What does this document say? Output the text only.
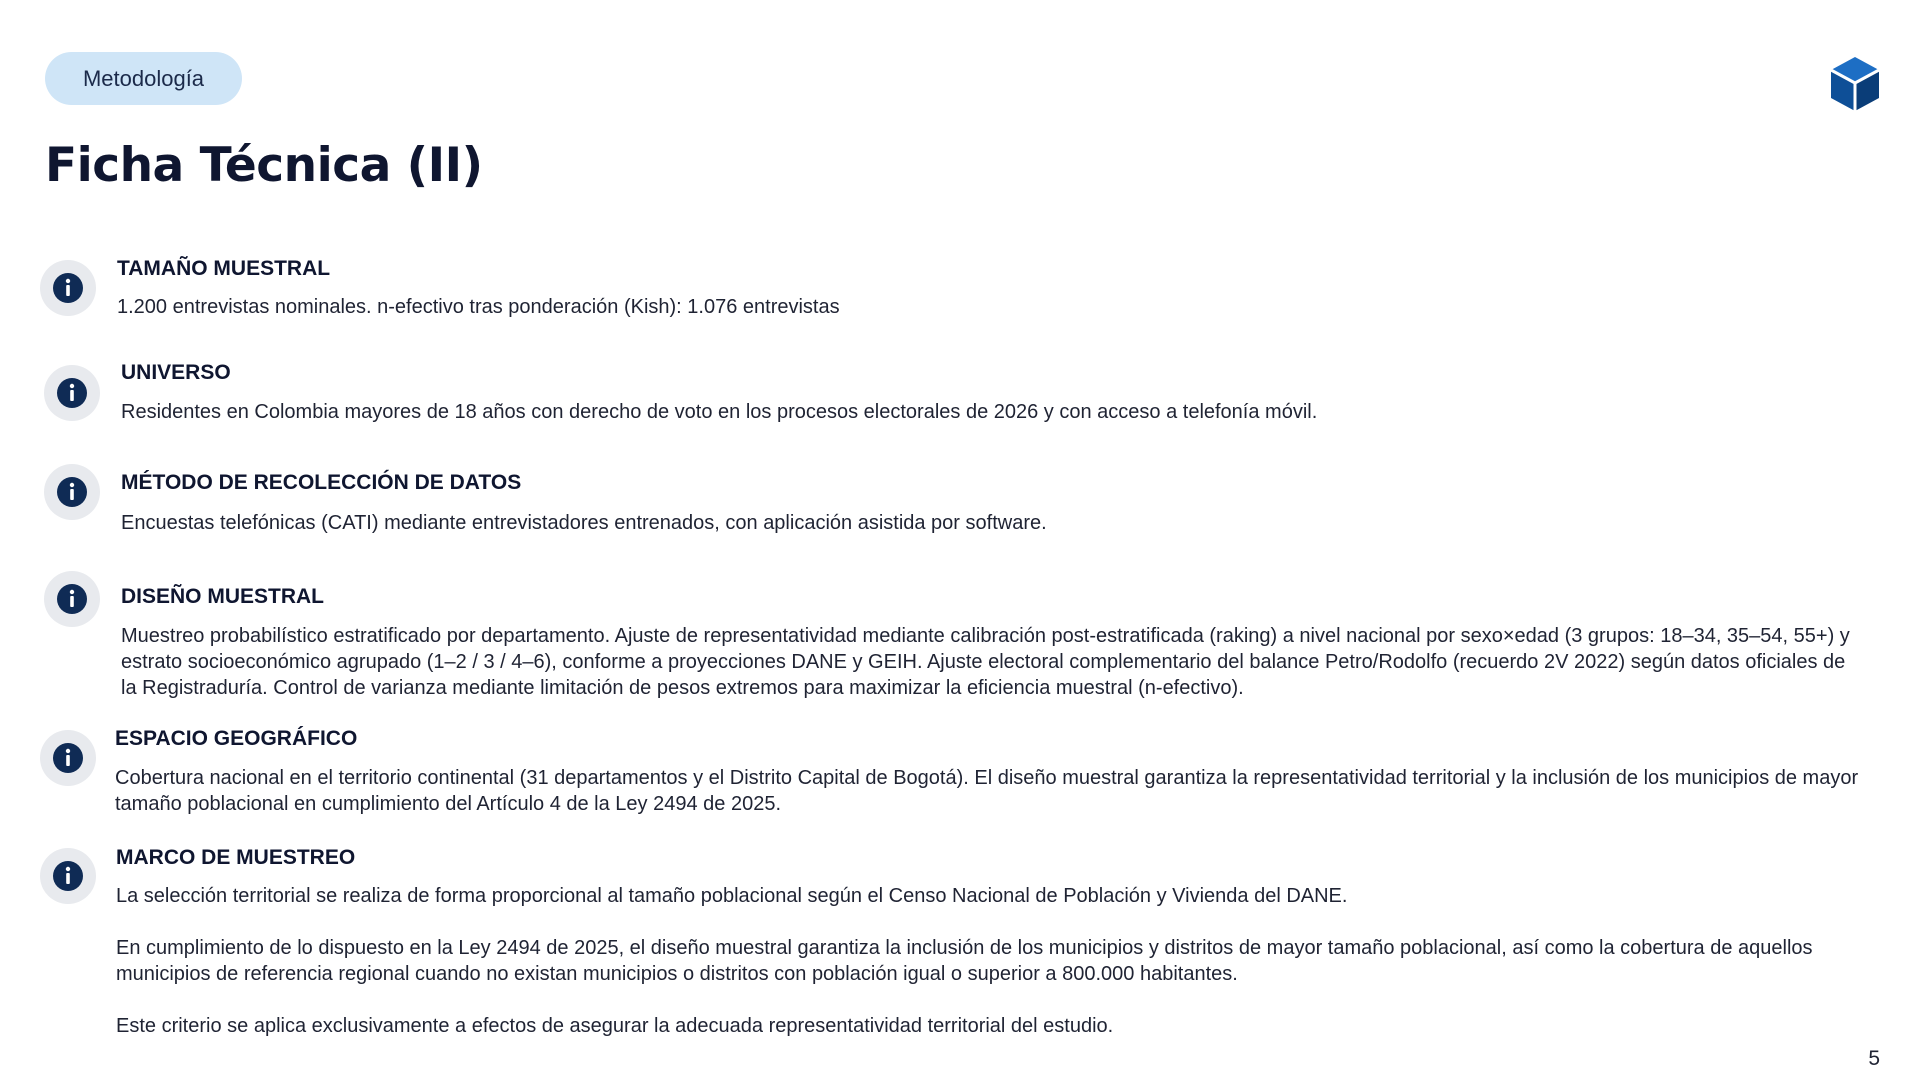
Metodología
Ficha Técnica (II)
TAMAÑO MUESTRAL

1.200 entrevistas nominales. n-efectivo tras ponderación (Kish): 1.076 entrevistas

UNIVERSO

Residentes en Colombia mayores de 18 años con derecho de voto en los procesos electorales de 2026 y con acceso a telefonía móvil.

MÉTODO DE RECOLECCIÓN DE DATOS

Encuestas telefónicas (CATI) mediante entrevistadores entrenados, con aplicación asistida por software.

DISEÑO MUESTRAL

Muestreo probabilístico estratificado por departamento. Ajuste de representatividad mediante calibración post-estratificada (raking) a nivel nacional por sexo×edad (3 grupos: 18–34, 35–54, 55+) y estrato socioeconómico agrupado (1–2 / 3 / 4–6), conforme a proyecciones DANE y GEIH. Ajuste electoral complementario del balance Petro/Rodolfo (recuerdo 2V 2022) según datos oficiales de la Registraduría. Control de varianza mediante limitación de pesos extremos para maximizar la eficiencia muestral (n-efectivo).

ESPACIO GEOGRÁFICO

Cobertura nacional en el territorio continental (31 departamentos y el Distrito Capital de Bogotá). El diseño muestral garantiza la representatividad territorial y la inclusión de los municipios de mayor tamaño poblacional en cumplimiento del Artículo 4 de la Ley 2494 de 2025.

MARCO DE MUESTREO

La selección territorial se realiza de forma proporcional al tamaño poblacional según el Censo Nacional de Población y Vivienda del DANE.

En cumplimiento de lo dispuesto en la Ley 2494 de 2025, el diseño muestral garantiza la inclusión de los municipios y distritos de mayor tamaño poblacional, así como la cobertura de aquellos municipios de referencia regional cuando no existan municipios o distritos con población igual o superior a 800.000 habitantes.

Este criterio se aplica exclusivamente a efectos de asegurar la adecuada representatividad territorial del estudio.

5
